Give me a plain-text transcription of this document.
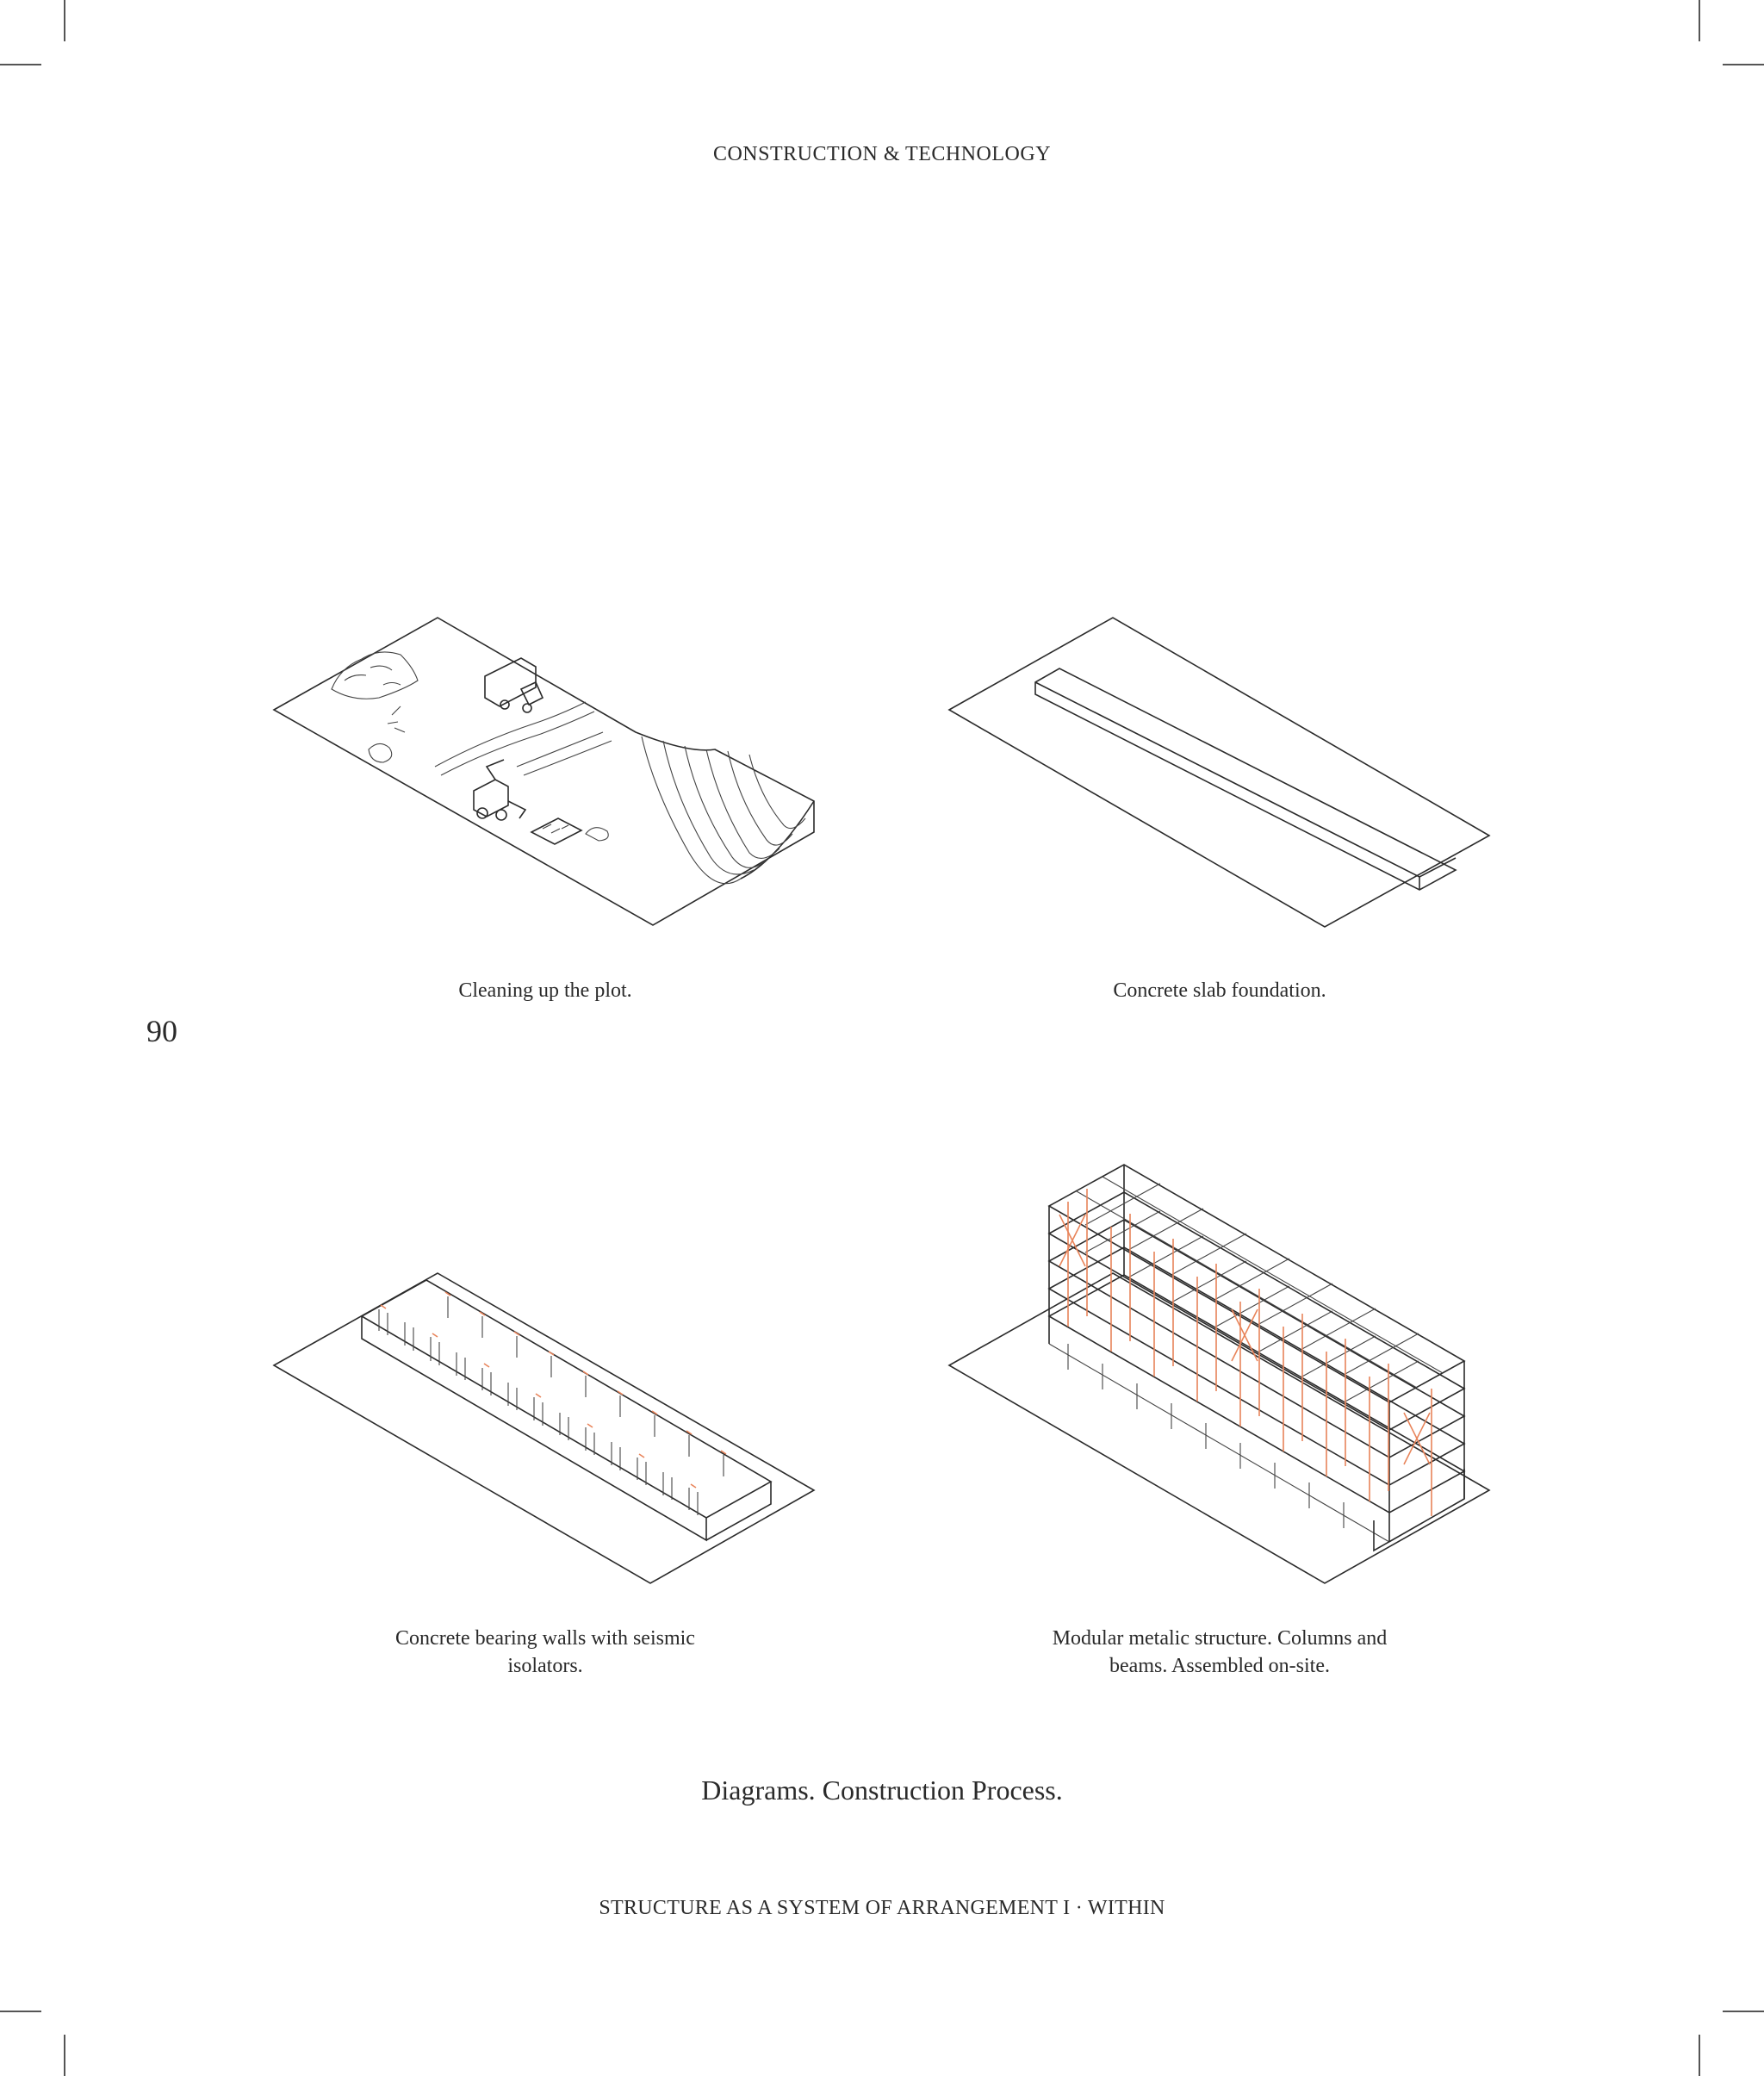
CONSTRUCTION & TECHNOLOGY
90
Cleaning up the plot.	Concrete slab foundation.
Concrete bearing walls with seismic isolators.
Modular metalic structure. Columns and beams. Assembled on-site.
Diagrams. Construction Process.
STRUCTURE AS A SYSTEM OF ARRANGEMENT I · WITHIN
